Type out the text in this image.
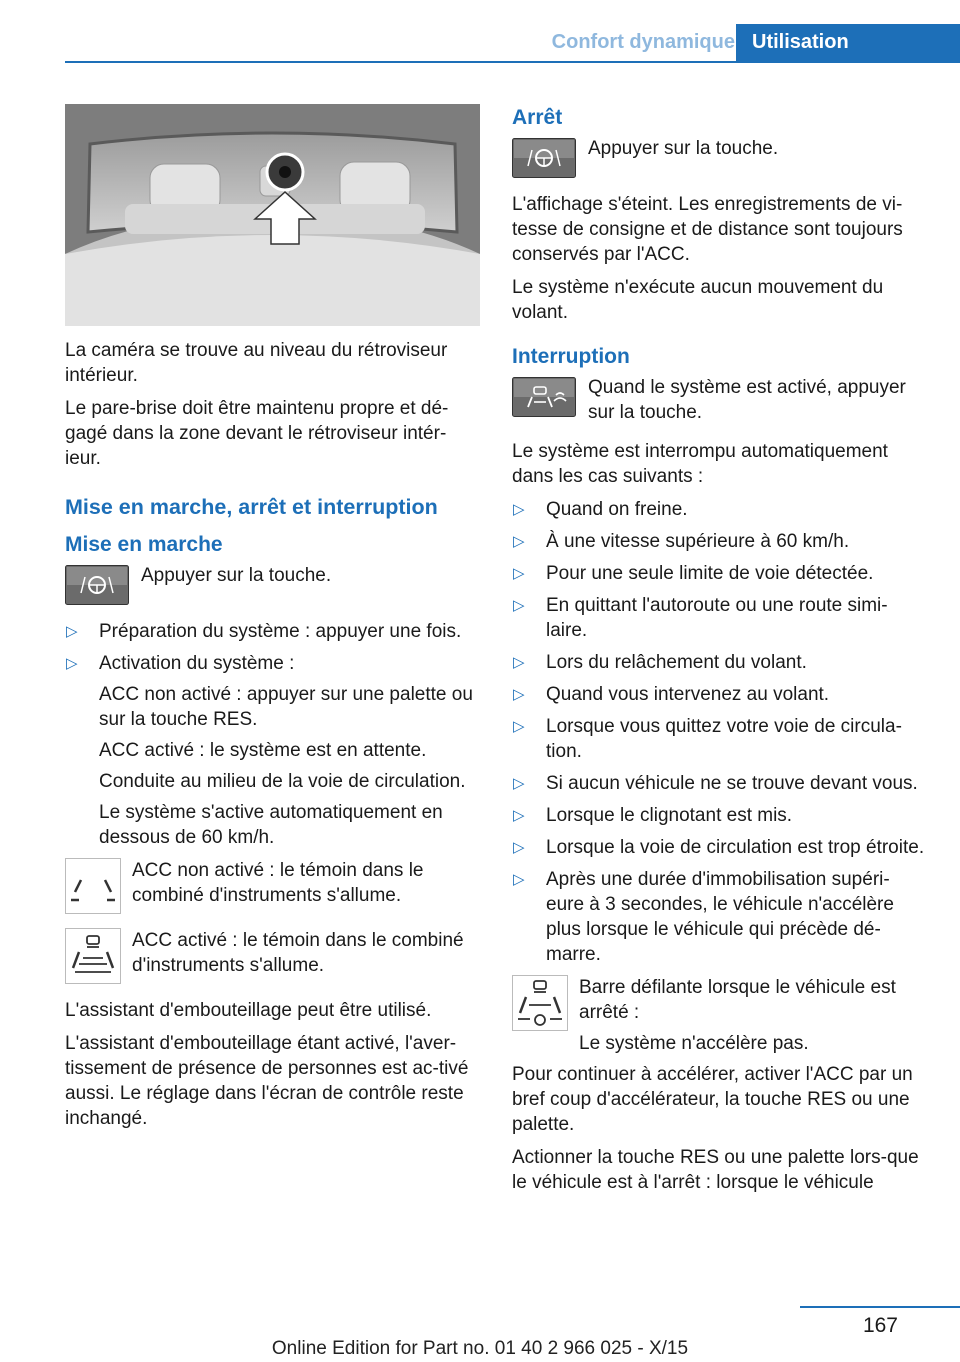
Confort dynamique Utilisation

La caméra se trouve au niveau du rétroviseur intérieur.

Le pare-brise doit être maintenu propre et dé-gagé dans la zone devant le rétroviseur intér-ieur.

Mise en marche, arrêt et interruption
Mise en marche
Appuyer sur la touche.
▷ Préparation du système : appuyer une fois.
▷ Activation du système :

ACC non activé : appuyer sur une palette ou sur la touche RES.

ACC activé : le système est en attente.

Conduite au milieu de la voie de circulation.

Le système s'active automatiquement en dessous de 60 km/h.

ACC non activé : le témoin dans le combiné d'instruments s'allume.
ACC activé : le témoin dans le combiné d'instruments s'allume.

L'assistant d'embouteillage peut être utilisé.

L'assistant d'embouteillage étant activé, l'aver-tissement de présence de personnes est ac-tivé aussi. Le réglage dans l'écran de contrôle reste inchangé.

Arrêt
Appuyer sur la touche.

L'affichage s'éteint. Les enregistrements de vi-tesse de consigne et de distance sont toujours conservés par l'ACC.

Le système n'exécute aucun mouvement du volant.

Interruption
Quand le système est activé, appuyer sur la touche.

Le système est interrompu automatiquement dans les cas suivants :

▷ Quand on freine.
▷ À une vitesse supérieure à 60 km/h.
▷ Pour une seule limite de voie détectée.
▷ En quittant l'autoroute ou une route simi-laire.
▷ Lors du relâchement du volant.
▷ Quand vous intervenez au volant.
▷ Lorsque vous quittez votre voie de circula-tion.
▷ Si aucun véhicule ne se trouve devant vous.
▷ Lorsque le clignotant est mis.
▷ Lorsque la voie de circulation est trop étroite.
▷ Après une durée d'immobilisation supéri-eure à 3 secondes, le véhicule n'accélère plus lorsque le véhicule qui précède dé-marre.
Barre défilante lorsque le véhicule est arrêté :
Le système n'accélère pas.

Pour continuer à accélérer, activer l'ACC par un bref coup d'accélérateur, la touche RES ou une palette.

Actionner la touche RES ou une palette lors-que le véhicule est à l'arrêt : lorsque le véhicule

167
Online Edition for Part no. 01 40 2 966 025 - X/15
